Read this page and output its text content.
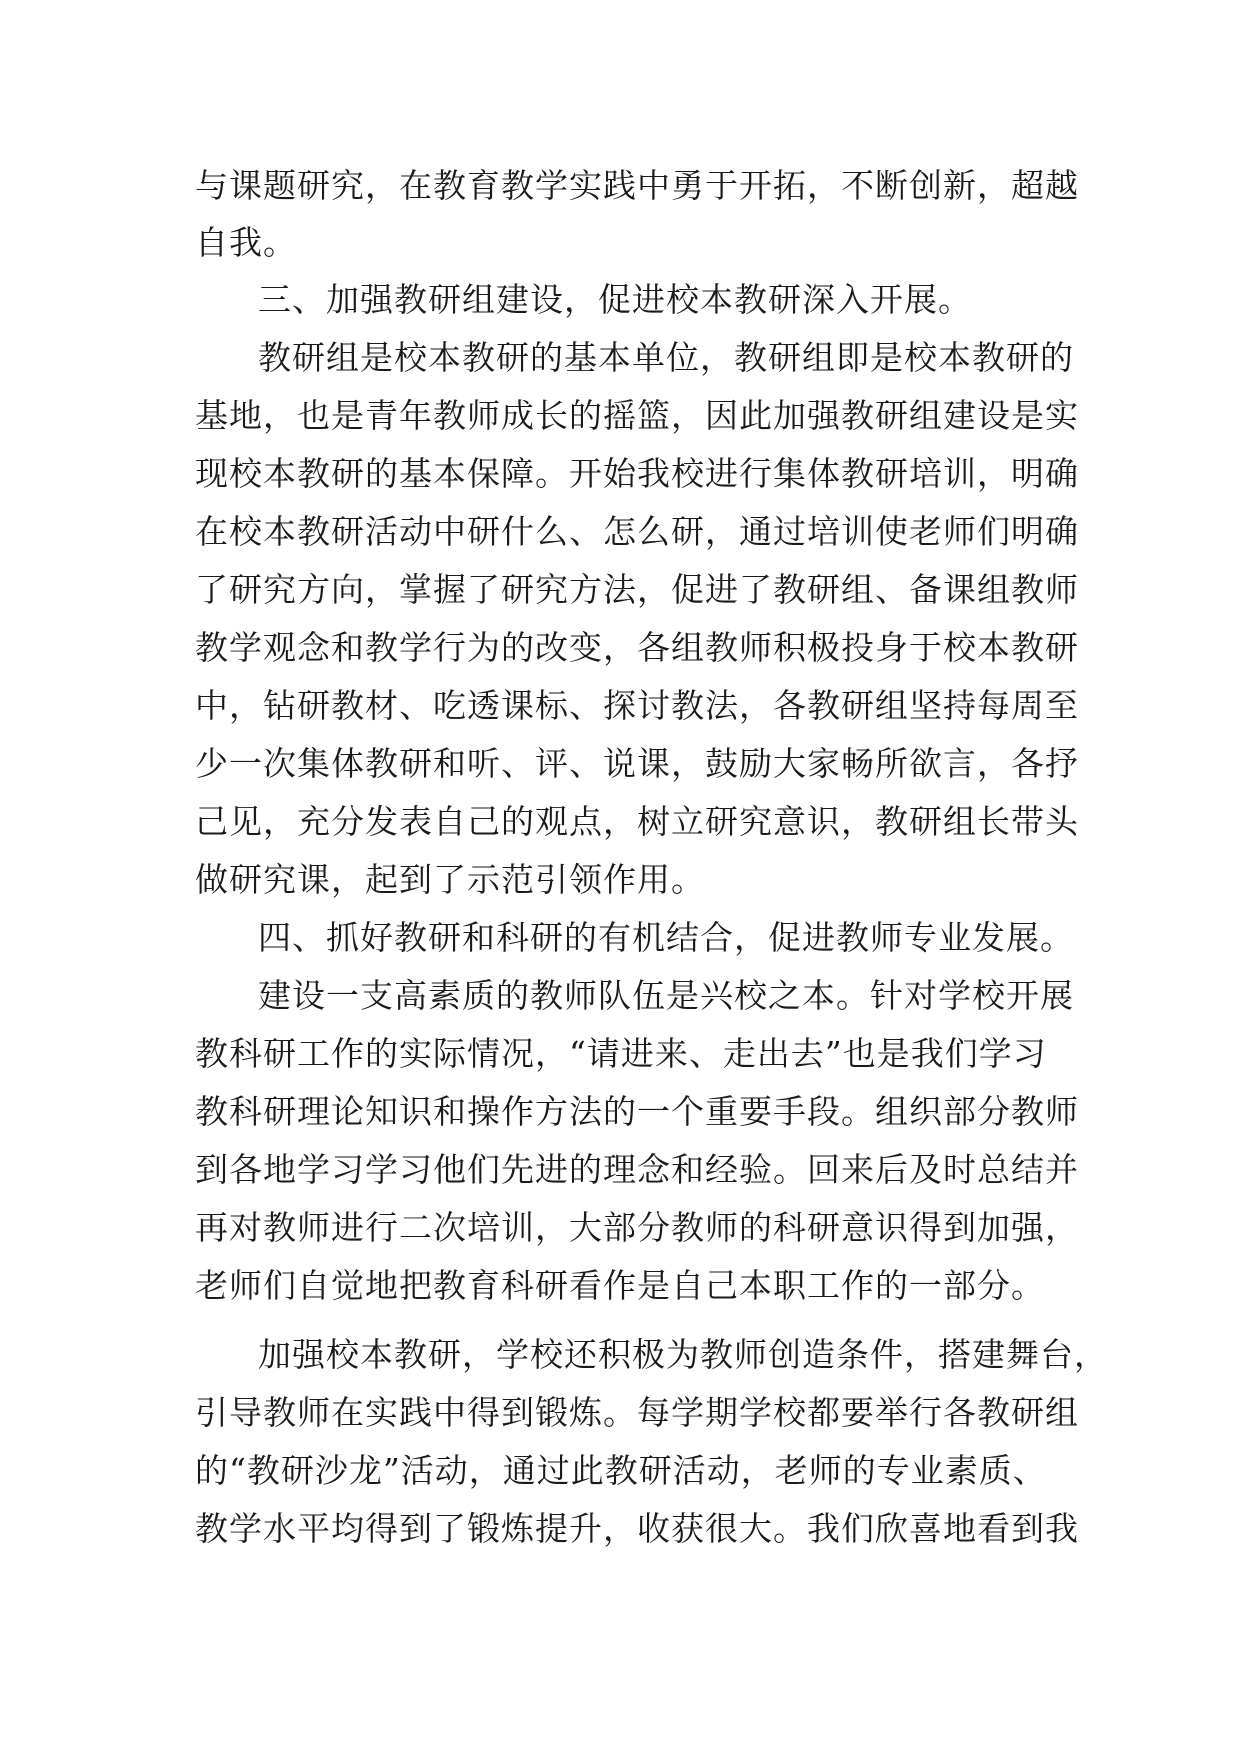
与课题研究，在教育教学实践中勇于开拓，不断创新，超越
自我。
三、加强教研组建设，促进校本教研深入开展。
教研组是校本教研的基本单位，教研组即是校本教研的
基地，也是青年教师成长的摇篮，因此加强教研组建设是实
现校本教研的基本保障。开始我校进行集体教研培训，明确
在校本教研活动中研什么、怎么研，通过培训使老师们明确
了研究方向，掌握了研究方法，促进了教研组、备课组教师
教学观念和教学行为的改变，各组教师积极投身于校本教研
中，钻研教材、吃透课标、探讨教法，各教研组坚持每周至
少一次集体教研和听、评、说课，鼓励大家畅所欲言，各抒
己见，充分发表自己的观点，树立研究意识，教研组长带头
做研究课，起到了示范引领作用。
四、抓好教研和科研的有机结合，促进教师专业发展。
建设一支高素质的教师队伍是兴校之本。针对学校开展
教科研工作的实际情况，“请进来、走出去”也是我们学习
教科研理论知识和操作方法的一个重要手段。组织部分教师
到各地学习学习他们先进的理念和经验。回来后及时总结并
再对教师进行二次培训，大部分教师的科研意识得到加强，
老师们自觉地把教育科研看作是自己本职工作的一部分。
加强校本教研，学校还积极为教师创造条件，搭建舞台，
引导教师在实践中得到锻炼。每学期学校都要举行各教研组
的“教研沙龙”活动，通过此教研活动，老师的专业素质、
教学水平均得到了锻炼提升，收获很大。我们欣喜地看到我
